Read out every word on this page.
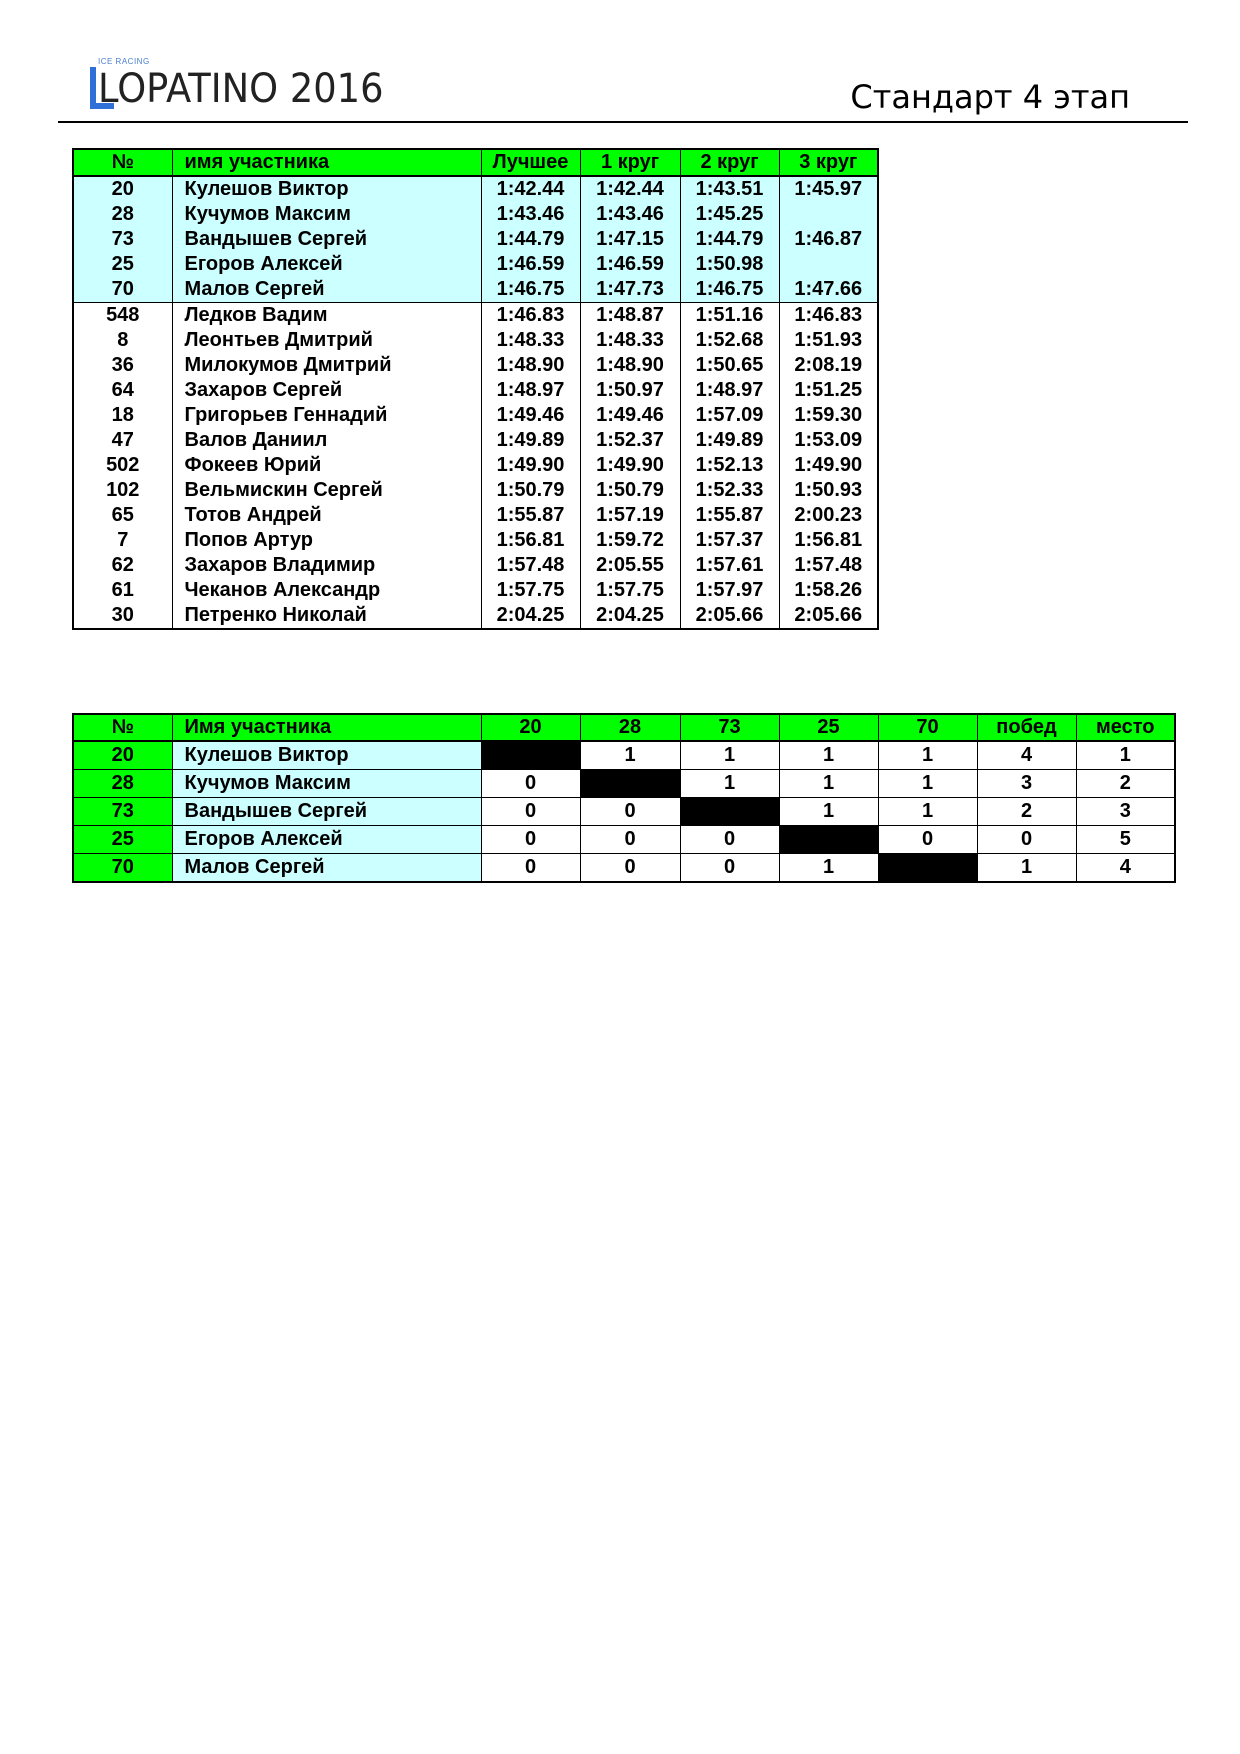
ICE RACING
LOPATINO 2016	Стандарт 4 этап
№	имя участника	Лучшее	1 круг	2 круг	3 круг
20	Кулешов Виктор	1:42.44	1:42.44	1:43.51	1:45.97
28	Кучумов Максим	1:43.46	1:43.46	1:45.25	
73	Вандышев Сергей	1:44.79	1:47.15	1:44.79	1:46.87
25	Егоров Алексей	1:46.59	1:46.59	1:50.98	
70	Малов Сергей	1:46.75	1:47.73	1:46.75	1:47.66
548	Ледков Вадим	1:46.83	1:48.87	1:51.16	1:46.83
8	Леонтьев Дмитрий	1:48.33	1:48.33	1:52.68	1:51.93
36	Милокумов Дмитрий	1:48.90	1:48.90	1:50.65	2:08.19
64	Захаров Сергей	1:48.97	1:50.97	1:48.97	1:51.25
18	Григорьев Геннадий	1:49.46	1:49.46	1:57.09	1:59.30
47	Валов Даниил	1:49.89	1:52.37	1:49.89	1:53.09
502	Фокеев Юрий	1:49.90	1:49.90	1:52.13	1:49.90
102	Вельмискин Сергей	1:50.79	1:50.79	1:52.33	1:50.93
65	Тотов Андрей	1:55.87	1:57.19	1:55.87	2:00.23
7	Попов Артур	1:56.81	1:59.72	1:57.37	1:56.81
62	Захаров Владимир	1:57.48	2:05.55	1:57.61	1:57.48
61	Чеканов Александр	1:57.75	1:57.75	1:57.97	1:58.26
30	Петренко Николай	2:04.25	2:04.25	2:05.66	2:05.66
№	Имя участника	20	28	73	25	70	побед	место
20	Кулешов Виктор		1	1	1	1	4	1
28	Кучумов Максим	0		1	1	1	3	2
73	Вандышев Сергей	0	0		1	1	2	3
25	Егоров Алексей	0	0	0		0	0	5
70	Малов Сергей	0	0	0	1		1	4
